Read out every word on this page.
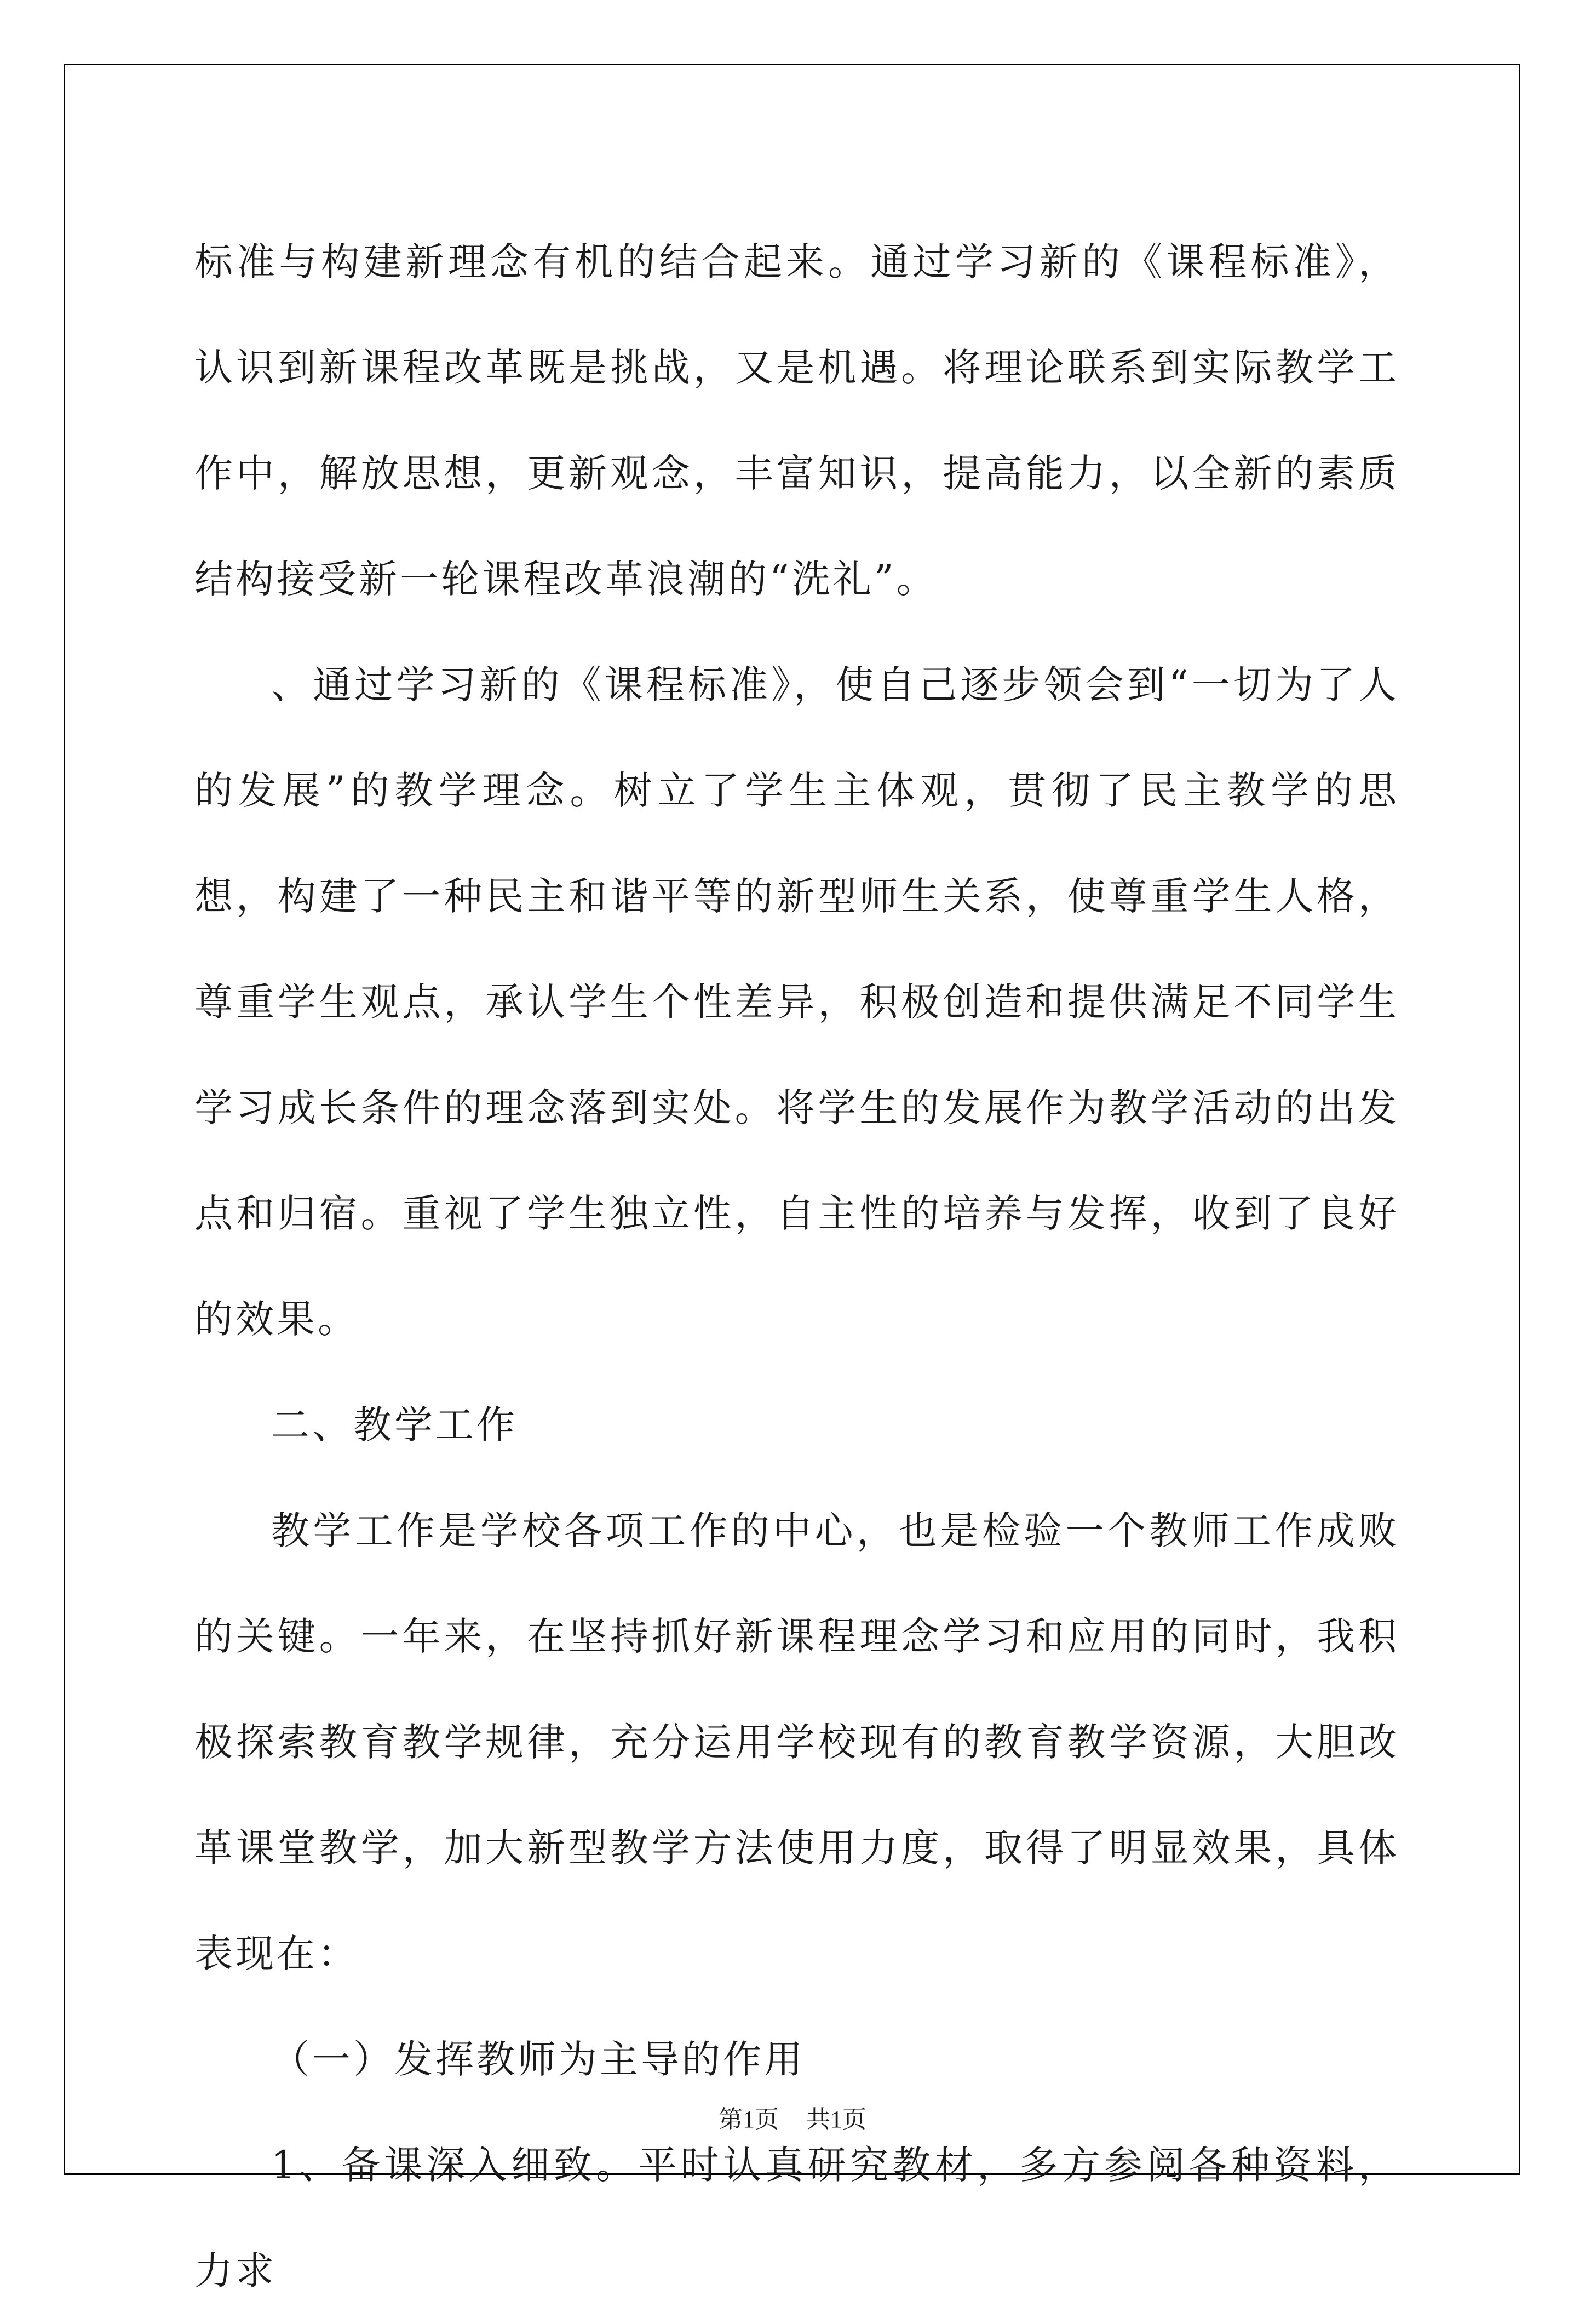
标准与构建新理念有机的结合起来。通过学习新的《课程标准》，认识到新课程改革既是挑战，又是机遇。将理论联系到实际教学工作中，解放思想，更新观念，丰富知识，提高能力，以全新的素质结构接受新一轮课程改革浪潮的“洗礼”。

、通过学习新的《课程标准》，使自己逐步领会到“一切为了人的发展”的教学理念。树立了学生主体观，贯彻了民主教学的思想，构建了一种民主和谐平等的新型师生关系，使尊重学生人格，尊重学生观点，承认学生个性差异，积极创造和提供满足不同学生学习成长条件的理念落到实处。将学生的发展作为教学活动的出发点和归宿。重视了学生独立性，自主性的培养与发挥，收到了良好的效果。

二、教学工作

教学工作是学校各项工作的中心，也是检验一个教师工作成败的关键。一年来，在坚持抓好新课程理念学习和应用的同时，我积极探索教育教学规律，充分运用学校现有的教育教学资源，大胆改革课堂教学，加大新型教学方法使用力度，取得了明显效果，具体表现在：

（一）发挥教师为主导的作用

1、备课深入细致。平时认真研究教材，多方参阅各种资料，力求

第1页 共1页
